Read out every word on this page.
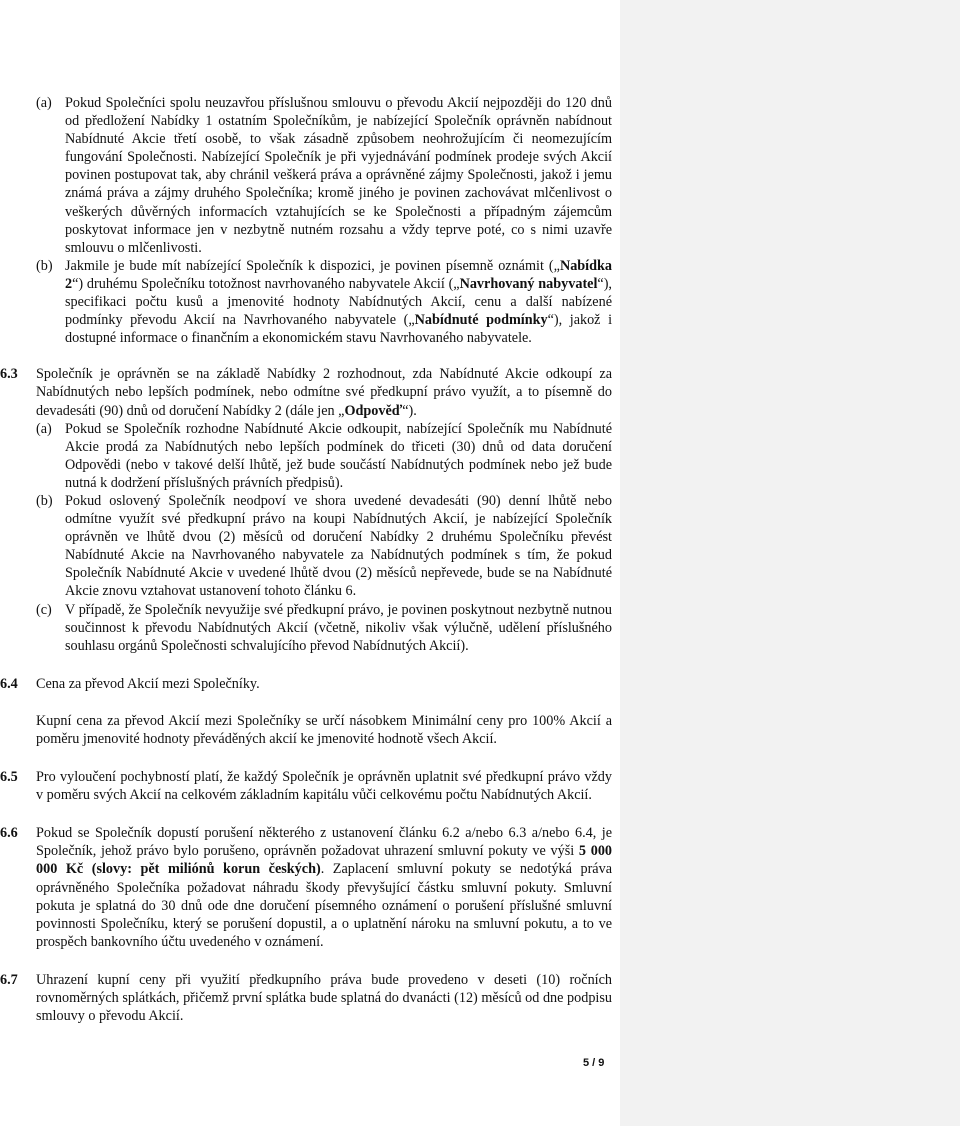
(a) Pokud Společníci spolu neuzavřou příslušnou smlouvu o převodu Akcií nejpozději do 120 dnů od předložení Nabídky 1 ostatním Společníkům, je nabízející Společník oprávněn nabídnout Nabídnuté Akcie třetí osobě, to však zásadně způsobem neohrožujícím či neomezujícím fungování Společnosti. Nabízející Společník je při vyjednávání podmínek prodeje svých Akcií povinen postupovat tak, aby chránil veškerá práva a oprávněné zájmy Společnosti, jakož i jemu známá práva a zájmy druhého Společníka; kromě jiného je povinen zachovávat mlčenlivost o veškerých důvěrných informacích vztahujících se ke Společnosti a případným zájemcům poskytovat informace jen v nezbytně nutném rozsahu a vždy teprve poté, co s nimi uzavře smlouvu o mlčenlivosti.

(b) Jakmile je bude mít nabízející Společník k dispozici, je povinen písemně oznámit („Nabídka 2“) druhému Společníku totožnost navrhovaného nabyvatele Akcií („Navrhovaný nabyvatel“), specifikaci počtu kusů a jmenovité hodnoty Nabídnutých Akcií, cenu a další nabízené podmínky převodu Akcií na Navrhovaného nabyvatele („Nabídnuté podmínky“), jakož i dostupné informace o finančním a ekonomickém stavu Navrhovaného nabyvatele.

6.3 Společník je oprávněn se na základě Nabídky 2 rozhodnout, zda Nabídnuté Akcie odkoupí za Nabídnutých nebo lepších podmínek, nebo odmítne své předkupní právo využít, a to písemně do devadesáti (90) dnů od doručení Nabídky 2 (dále jen „Odpověď“).

(a) Pokud se Společník rozhodne Nabídnuté Akcie odkoupit, nabízející Společník mu Nabídnuté Akcie prodá za Nabídnutých nebo lepších podmínek do třiceti (30) dnů od data doručení Odpovědi (nebo v takové delší lhůtě, jež bude součástí Nabídnutých podmínek nebo jež bude nutná k dodržení příslušných právních předpisů).

(b) Pokud oslovený Společník neodpoví ve shora uvedené devadesáti (90) denní lhůtě nebo odmítne využít své předkupní právo na koupi Nabídnutých Akcií, je nabízející Společník oprávněn ve lhůtě dvou (2) měsíců od doručení Nabídky 2 druhému Společníku převést Nabídnuté Akcie na Navrhovaného nabyvatele za Nabídnutých podmínek s tím, že pokud Společník Nabídnuté Akcie v uvedené lhůtě dvou (2) měsíců nepřevede, bude se na Nabídnuté Akcie znovu vztahovat ustanovení tohoto článku 6.

(c) V případě, že Společník nevyužije své předkupní právo, je povinen poskytnout nezbytně nutnou součinnost k převodu Nabídnutých Akcií (včetně, nikoliv však výlučně, udělení příslušného souhlasu orgánů Společnosti schvalujícího převod Nabídnutých Akcií).

6.4 Cena za převod Akcií mezi Společníky.

Kupní cena za převod Akcií mezi Společníky se určí násobkem Minimální ceny pro 100% Akcií a poměru jmenovité hodnoty převáděných akcií ke jmenovité hodnotě všech Akcií.

6.5 Pro vyloučení pochybností platí, že každý Společník je oprávněn uplatnit své předkupní právo vždy v poměru svých Akcií na celkovém základním kapitálu vůči celkovému počtu Nabídnutých Akcií.

6.6 Pokud se Společník dopustí porušení některého z ustanovení článku 6.2 a/nebo 6.3 a/nebo 6.4, je Společník, jehož právo bylo porušeno, oprávněn požadovat uhrazení smluvní pokuty ve výši 5 000 000 Kč (slovy: pět miliónů korun českých). Zaplacení smluvní pokuty se nedotýká práva oprávněného Společníka požadovat náhradu škody převyšující částku smluvní pokuty. Smluvní pokuta je splatná do 30 dnů ode dne doručení písemného oznámení o porušení příslušné smluvní povinnosti Společníku, který se porušení dopustil, a o uplatnění nároku na smluvní pokutu, a to ve prospěch bankovního účtu uvedeného v oznámení.

6.7 Uhrazení kupní ceny při využití předkupního práva bude provedeno v deseti (10) ročních rovnoměrných splátkách, přičemž první splátka bude splatná do dvanácti (12) měsíců od dne podpisu smlouvy o převodu Akcií.

5 / 9
